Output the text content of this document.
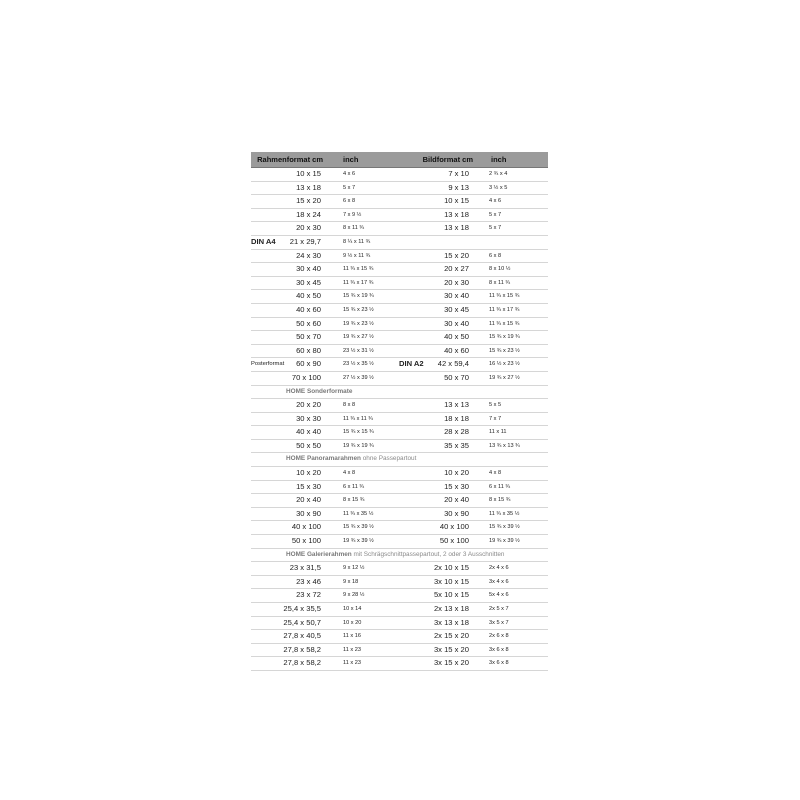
Rahmenformat cm	inch	Bildformat cm	inch
10 x 15	4 x 6	7 x 10	2 ¾ x 4
13 x 18	5 x 7	9 x 13	3 ½ x 5
15 x 20	6 x 8	10 x 15	4 x 6
18 x 24	7 x 9 ½	13 x 18	5 x 7
20 x 30	8 x 11 ¾	13 x 18	5 x 7

DIN A4 21 x 29,7	8 ¼ x 11 ¾		
24 x 30	9 ½ x 11 ¾	15 x 20	6 x 8
30 x 40	11 ¾ x 15 ¾	20 x 27	8 x 10 ½
30 x 45	11 ¾ x 17 ¾	20 x 30	8 x 11 ¾
40 x 50	15 ¾ x 19 ¾	30 x 40	11 ¾ x 15 ¾
40 x 60	15 ¾ x 23 ½	30 x 45	11 ¾ x 17 ¾
50 x 60	19 ¾ x 23 ½	30 x 40	11 ¾ x 15 ¾
50 x 70	19 ¾ x 27 ½	40 x 50	15 ¾ x 19 ¾
60 x 80	23 ½ x 31 ½	40 x 60	15 ¾ x 23 ½

Posterformat 60 x 90	23 ½ x 35 ½	DIN A2 42 x 59,4	16 ½ x 23 ½
70 x 100	27 ½ x 39 ½	50 x 70	19 ¾ x 27 ½
HOME Sonderformate			
20 x 20	8 x 8	13 x 13	5 x 5
30 x 30	11 ¾ x 11 ¾	18 x 18	7 x 7
40 x 40	15 ¾ x 15 ¾	28 x 28	11 x 11
50 x 50	19 ¾ x 19 ¾	35 x 35	13 ¾ x 13 ¾
HOME Panoramarahmen ohne Passepartout			
10 x 20	4 x 8	10 x 20	4 x 8
15 x 30	6 x 11 ¾	15 x 30	6 x 11 ¾
20 x 40	8 x 15 ¾	20 x 40	8 x 15 ¾
30 x 90	11 ¾ x 35 ½	30 x 90	11 ¾ x 35 ½
40 x 100	15 ¾ x 39 ½	40 x 100	15 ¾ x 39 ½
50 x 100	19 ¾ x 39 ½	50 x 100	19 ¾ x 39 ½
HOME Galerierahmen mit Schrägschnittpassepartout, 2 oder 3 Ausschnitten			
23 x 31,5	9 x 12 ½	2x 10 x 15	2x 4 x 6
23 x 46	9 x 18	3x 10 x 15	3x 4 x 6
23 x 72	9 x 28 ½	5x 10 x 15	5x 4 x 6
25,4 x 35,5	10 x 14	2x 13 x 18	2x 5 x 7
25,4 x 50,7	10 x 20	3x 13 x 18	3x 5 x 7
27,8 x 40,5	11 x 16	2x 15 x 20	2x 6 x 8
27,8 x 58,2	11 x 23	3x 15 x 20	3x 6 x 8
27,8 x 58,2	11 x 23	3x 15 x 20	3x 6 x 8
